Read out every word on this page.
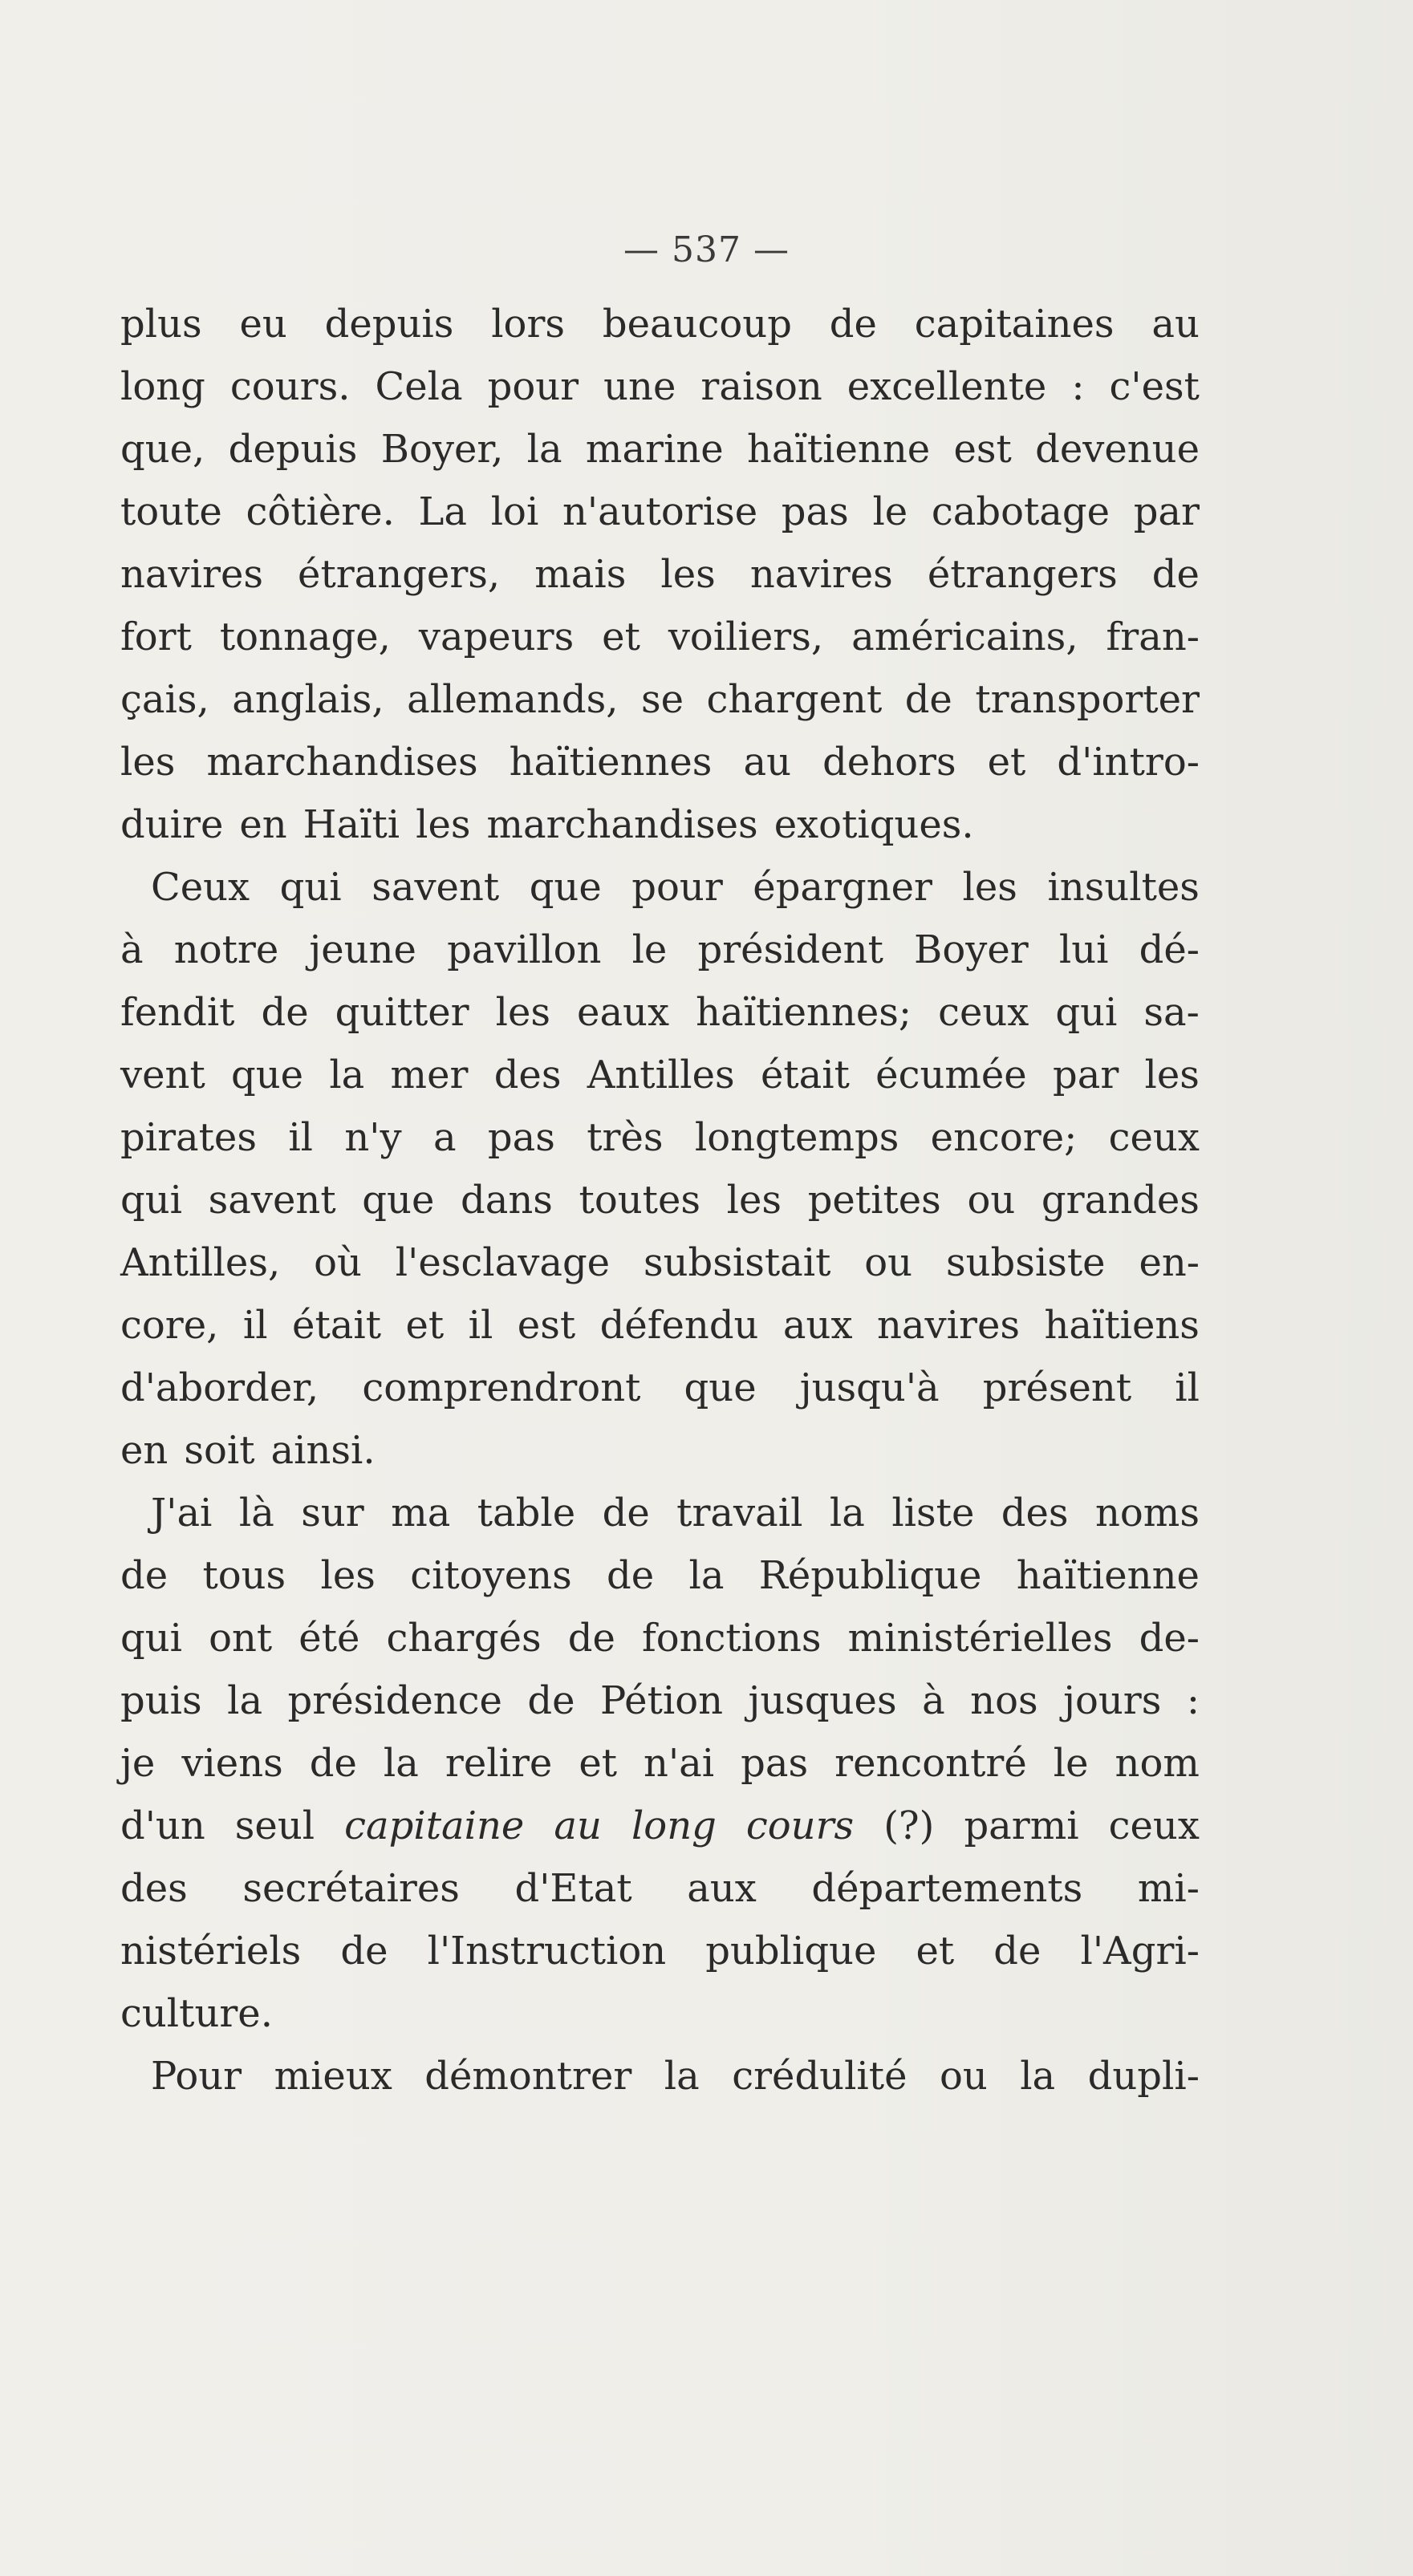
— 537 —
plus eu depuis lors beaucoup de capitaines au
long cours. Cela pour une raison excellente : c'est
que, depuis Boyer, la marine haïtienne est devenue
toute côtière. La loi n'autorise pas le cabotage par
navires étrangers, mais les navires étrangers de
fort tonnage, vapeurs et voiliers, américains, fran-
çais, anglais, allemands, se chargent de transporter
les marchandises haïtiennes au dehors et d'intro-
duire en Haïti les marchandises exotiques.
Ceux qui savent que pour épargner les insultes
à notre jeune pavillon le président Boyer lui dé-
fendit de quitter les eaux haïtiennes; ceux qui sa-
vent que la mer des Antilles était écumée par les
pirates il n'y a pas très longtemps encore; ceux
qui savent que dans toutes les petites ou grandes
Antilles, où l'esclavage subsistait ou subsiste en-
core, il était et il est défendu aux navires haïtiens
d'aborder, comprendront que jusqu'à présent il
en soit ainsi.
J'ai là sur ma table de travail la liste des noms
de tous les citoyens de la République haïtienne
qui ont été chargés de fonctions ministérielles de-
puis la présidence de Pétion jusques à nos jours :
je viens de la relire et n'ai pas rencontré le nom
d'un seul capitaine au long cours (?) parmi ceux
des secrétaires d'Etat aux départements mi-
nistériels de l'Instruction publique et de l'Agri-
culture.
Pour mieux démontrer la crédulité ou la dupli-
